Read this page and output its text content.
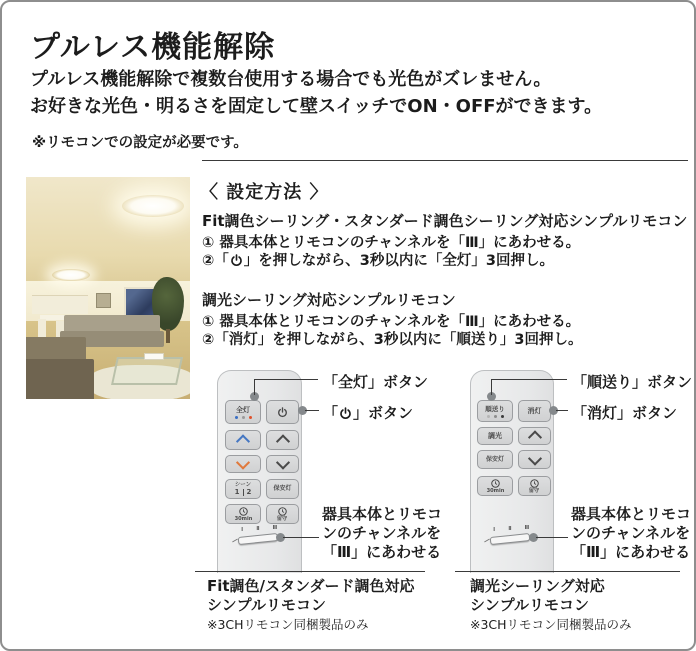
プルレス機能解除
プルレス機能解除で複数台使用する場合でも光色がズレません。
お好きな光色・明るさを固定して壁スイッチでON・OFFができます。
※リモコンでの設定が必要です。
〈 設定方法 〉
Fit調色シーリング・スタンダード調色シーリング対応シンプルリモコン
① 器具本体とリモコンのチャンネルを「Ⅲ」にあわせる。
②「 」を押しながら、3秒以内に「全灯」3回押し。
調光シーリング対応シンプルリモコン
① 器具本体とリモコンのチャンネルを「Ⅲ」にあわせる。
②「消灯」を押しながら、3秒以内に「順送り」3回押し。
全灯
シーン
1 2	保安灯
30min	留守
Ⅰ Ⅱ Ⅲ
「全灯」ボタン
「 」ボタン
器具本体とリモコ
ンのチャンネルを
「Ⅲ」にあわせる
Fit調色/スタンダード調色対応
シンプルリモコン
※3CHリモコン同梱製品のみ
順送り	消灯
調光
保安灯
30min	留守
Ⅰ Ⅱ Ⅲ
「順送り」ボタン
「消灯」ボタン
器具本体とリモコ
ンのチャンネルを
「Ⅲ」にあわせる
調光シーリング対応
シンプルリモコン
※3CHリモコン同梱製品のみ
